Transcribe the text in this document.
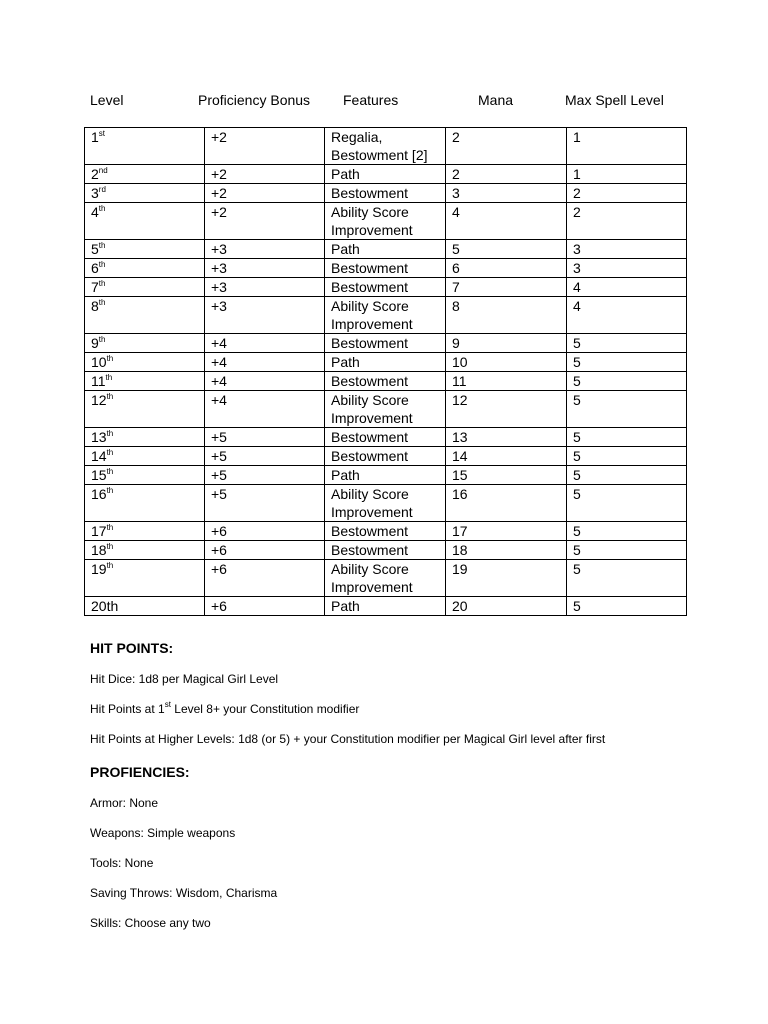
Level	Proficiency Bonus Features	Mana	Max Spell Level
1st	+2	Regalia,
Bestowment [2]	2	1
2nd	+2	Path	2	1
3rd	+2	Bestowment	3	2
4th	+2	Ability Score
Improvement	4	2
5th	+3	Path	5	3
6th	+3	Bestowment	6	3
7th	+3	Bestowment	7	4
8th	+3	Ability Score
Improvement	8	4
9th	+4	Bestowment	9	5
10th	+4	Path	10	5
11th	+4	Bestowment	11	5
12th	+4	Ability Score
Improvement	12	5
13th	+5	Bestowment	13	5
14th	+5	Bestowment	14	5
15th	+5	Path	15	5
16th	+5	Ability Score
Improvement	16	5
17th	+6	Bestowment	17	5
18th	+6	Bestowment	18	5
19th	+6	Ability Score
Improvement	19	5
20th	+6	Path	20	5
HIT POINTS:
Hit Dice: 1d8 per Magical Girl Level
Hit Points at 1st Level 8+ your Constitution modifier
Hit Points at Higher Levels: 1d8 (or 5) + your Constitution modifier per Magical Girl level after first
PROFIENCIES:
Armor: None
Weapons: Simple weapons
Tools: None
Saving Throws: Wisdom, Charisma
Skills: Choose any two
